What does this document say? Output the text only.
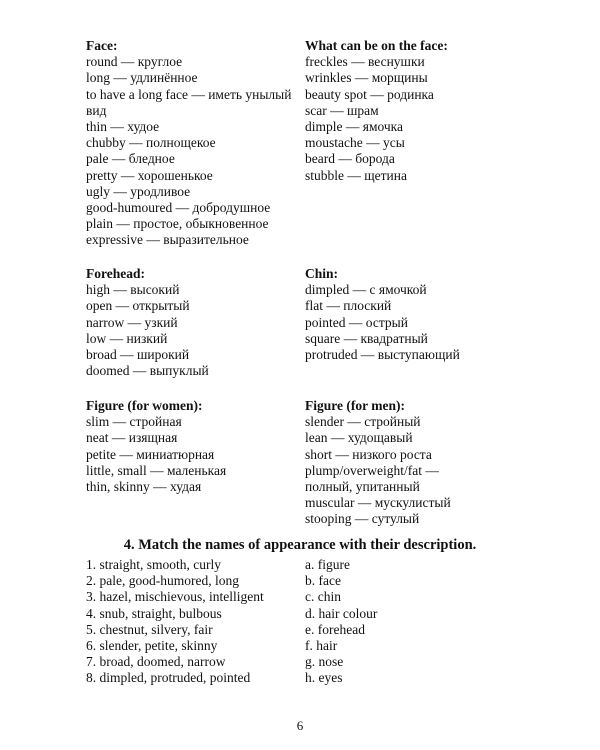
Face:
round — круглое
long — удлинённое
to have a long face — иметь унылый вид
thin — худое
chubby — полнощекое
pale — бледное
pretty — хорошенькое
ugly — уродливое
good-humoured — добродушное
plain — простое, обыкновенное
expressive — выразительное
What can be on the face:
freckles — веснушки
wrinkles — морщины
beauty spot — родинка
scar — шрам
dimple — ямочка
moustache — усы
beard — борода
stubble — щетина
Forehead:
high — высокий
open — открытый
narrow — узкий
low — низкий
broad — широкий
doomed — выпуклый
Chin:
dimpled — с ямочкой
flat — плоский
pointed — острый
square — квадратный
protruded — выступающий
Figure (for women):
slim — стройная
neat — изящная
petite — миниатюрная
little, small — маленькая
thin, skinny — худая
Figure (for men):
slender — стройный
lean — худощавый
short — низкого роста
plump/overweight/fat — полный, упитанный
muscular — мускулистый
stooping — сутулый
4. Match the names of appearance with their description.
1. straight, smooth, curly
2. pale, good-humored, long
3. hazel, mischievous, intelligent
4. snub, straight, bulbous
5. chestnut, silvery, fair
6. slender, petite, skinny
7. broad, doomed, narrow
8. dimpled, protruded, pointed
a. figure
b. face
c. chin
d. hair colour
e. forehead
f. hair
g. nose
h. eyes
6
